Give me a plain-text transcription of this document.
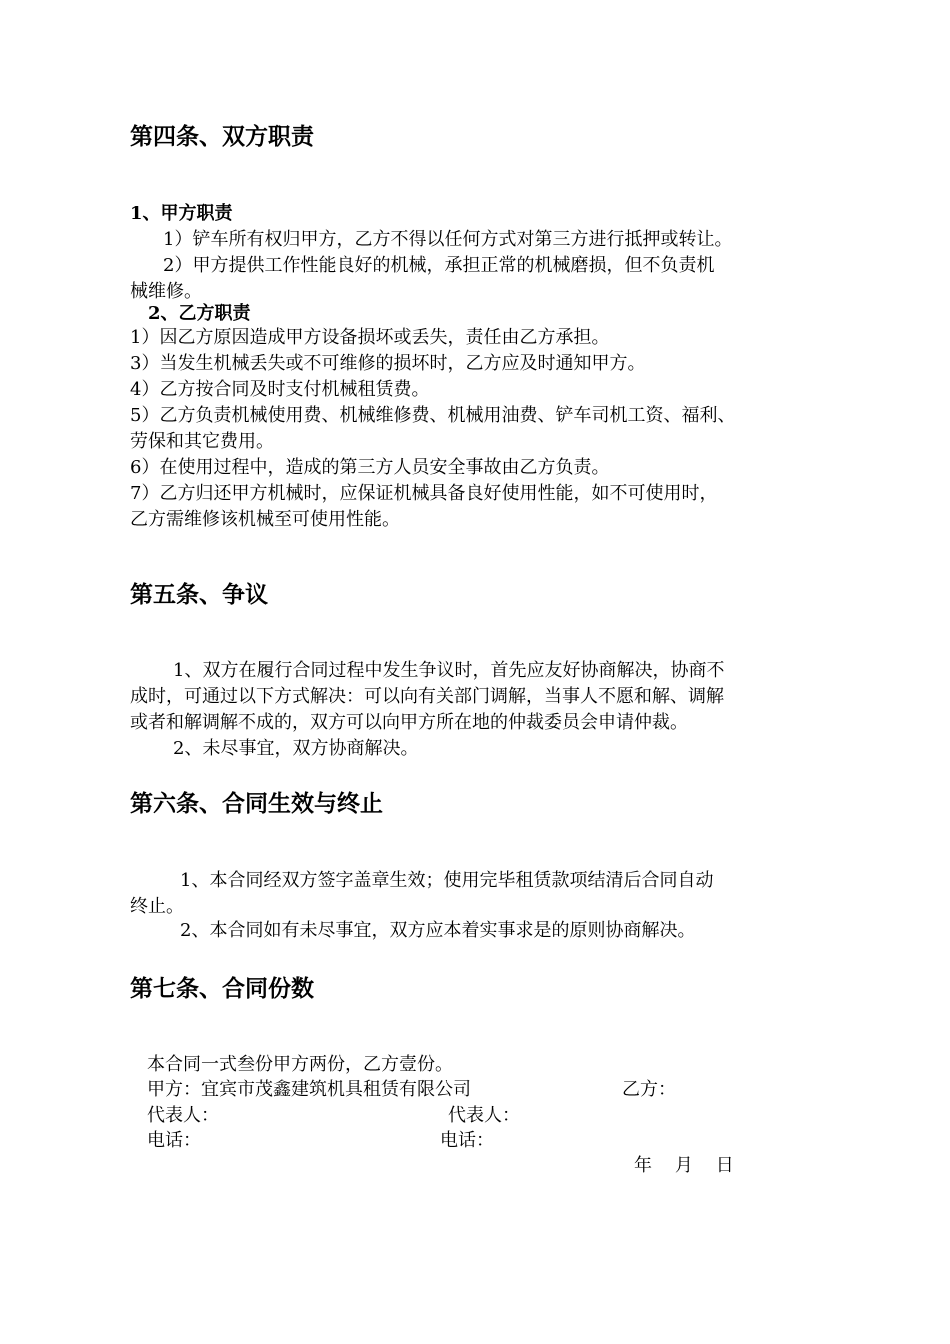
第四条、双方职责

1、甲方职责

1）铲车所有权归甲方，乙方不得以任何方式对第三方进行抵押或转让。

2）甲方提供工作性能良好的机械，承担正常的机械磨损，但不负责机

械维修。

2、乙方职责

1）因乙方原因造成甲方设备损坏或丢失，责任由乙方承担。
3）当发生机械丢失或不可维修的损坏时，乙方应及时通知甲方。
4）乙方按合同及时支付机械租赁费。
5）乙方负责机械使用费、机械维修费、机械用油费、铲车司机工资、福利、
劳保和其它费用。
6）在使用过程中，造成的第三方人员安全事故由乙方负责。
7）乙方归还甲方机械时，应保证机械具备良好使用性能，如不可使用时，
乙方需维修该机械至可使用性能。
第五条、争议

1、双方在履行合同过程中发生争议时，首先应友好协商解决，协商不

成时，可通过以下方式解决：可以向有关部门调解，当事人不愿和解、调解

或者和解调解不成的，双方可以向甲方所在地的仲裁委员会申请仲裁。

2、未尽事宜，双方协商解决。

第六条、合同生效与终止

1、本合同经双方签字盖章生效；使用完毕租赁款项结清后合同自动

终止。

2、本合同如有未尽事宜，双方应本着实事求是的原则协商解决。

第七条、合同份数

本合同一式叁份甲方两份，乙方壹份。

甲方：宜宾市茂鑫建筑机具租赁有限公司	乙方：

代表人：	代表人：

电话：	电话：

年    月    日
